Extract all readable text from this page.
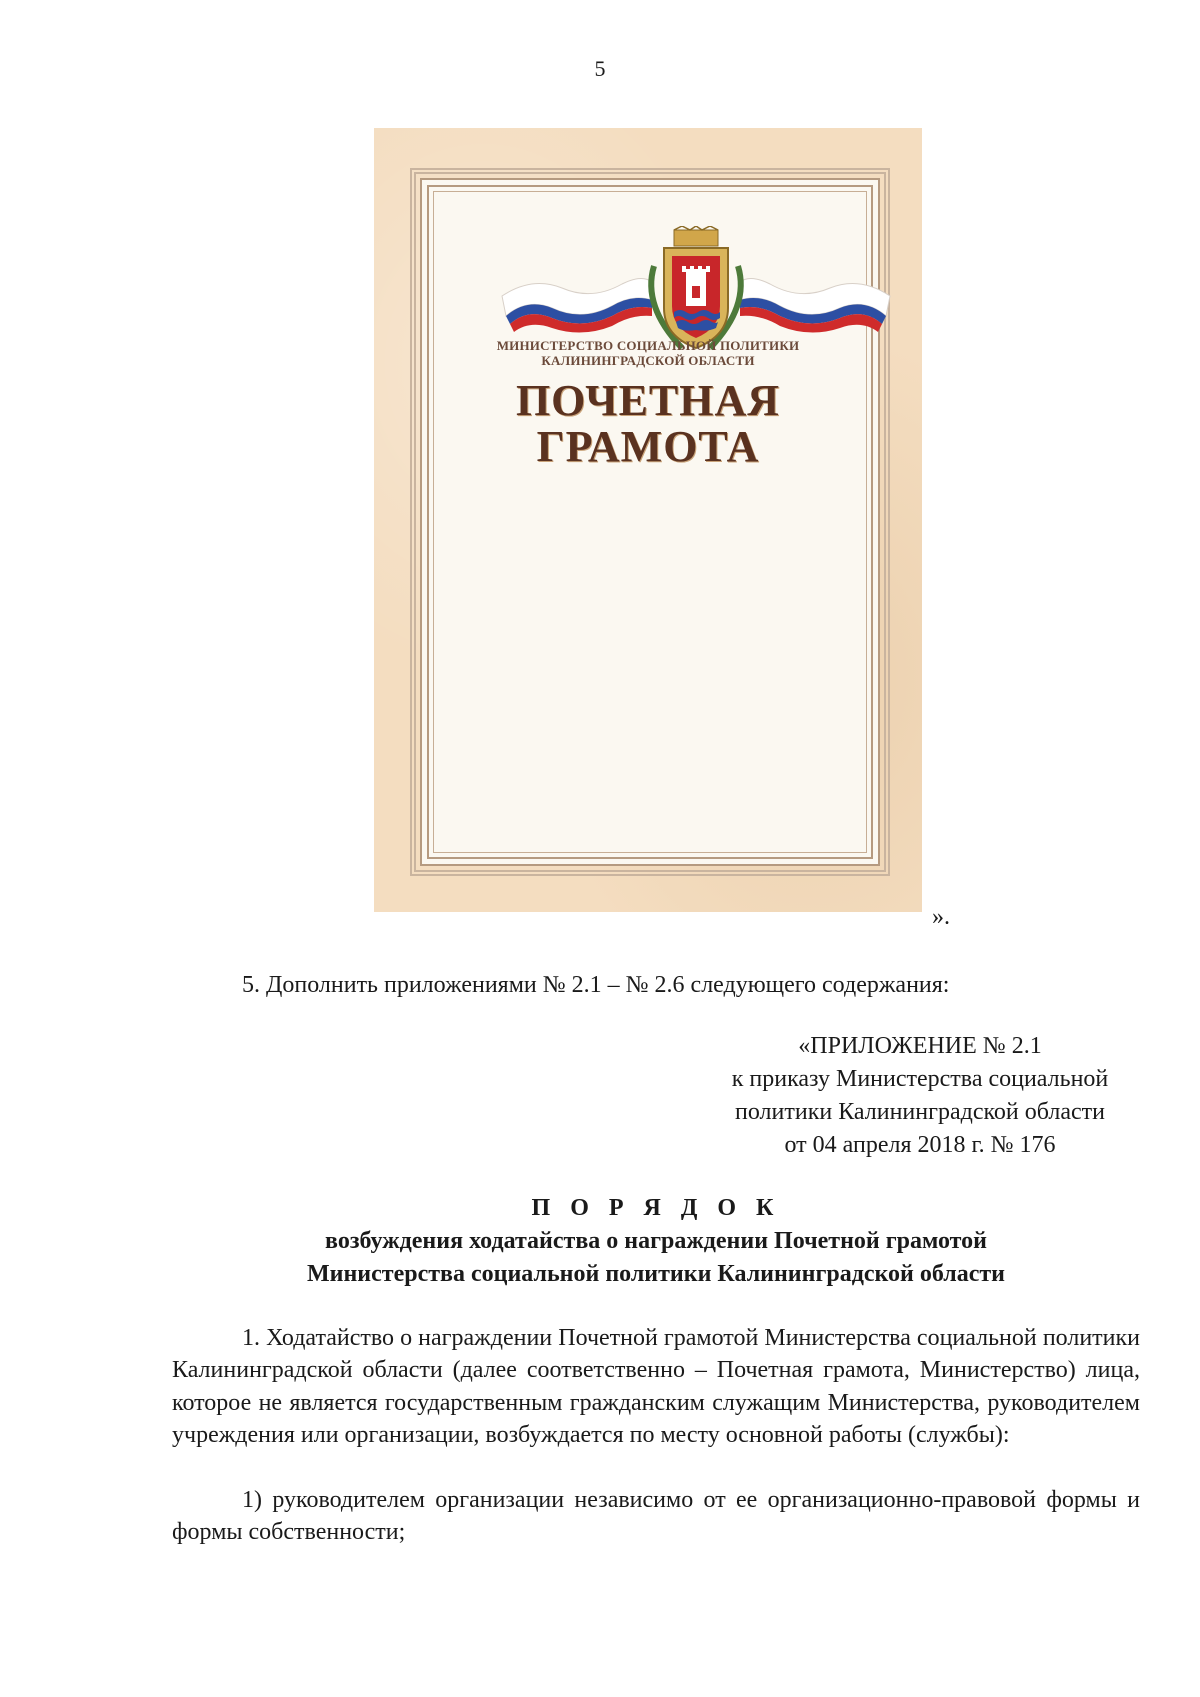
5
МИНИСТЕРСТВО СОЦИАЛЬНОЙ ПОЛИТИКИ
КАЛИНИНГРАДСКОЙ ОБЛАСТИ
ПОЧЕТНАЯ
ГРАМОТА
».
5. Дополнить приложениями № 2.1 – № 2.6 следующего содержания:
«ПРИЛОЖЕНИЕ № 2.1
к приказу Министерства социальной
политики Калининградской области
от 04 апреля 2018 г. № 176
П О Р Я Д О К
возбуждения ходатайства о награждении Почетной грамотой
Министерства социальной политики Калининградской области
1. Ходатайство о награждении Почетной грамотой Министерства социальной политики Калининградской области (далее соответственно – Почетная грамота, Министерство) лица, которое не является государственным гражданским служащим Министерства, руководителем учреждения или организации, возбуждается по месту основной работы (службы):
1) руководителем организации независимо от ее организационно-правовой формы и формы собственности;
